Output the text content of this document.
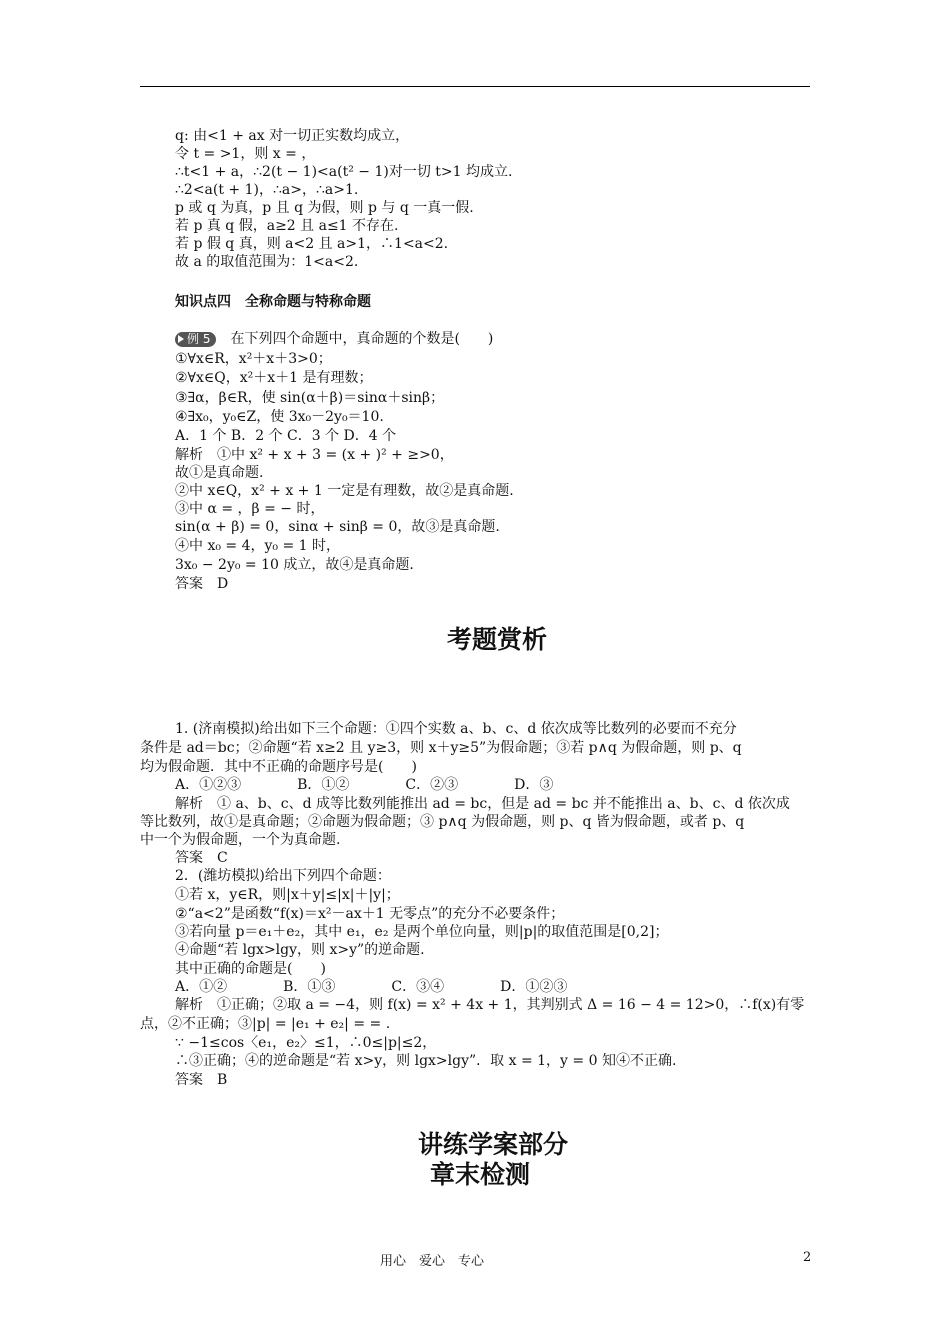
q: 由<1 + ax 对一切正实数均成立，
令 t = >1，则 x = ，
∴t<1 + a，∴2(t − 1)<a(t² − 1)对一切 t>1 均成立.
∴2<a(t + 1)，∴a>，∴a>1.
p 或 q 为真，p 且 q 为假，则 p 与 q 一真一假.
若 p 真 q 假，a≥2 且 a≤1 不存在.
若 p 假 q 真，则 a<2 且 a>1，∴1<a<2.
故 a 的取值范围为：1<a<2.
知识点四　全称命题与特称命题
例 5 在下列四个命题中，真命题的个数是(　　)
①∀x∈R，x²＋x＋3>0；
②∀x∈Q，x²＋x＋1 是有理数；
③∃α，β∈R，使 sin(α＋β)＝sinα＋sinβ；
④∃x₀，y₀∈Z，使 3x₀－2y₀＝10.
A．1 个 B．2 个 C．3 个 D．4 个
解析　①中 x² + x + 3 = (x + )² + ≥>0，
故①是真命题.
②中 x∈Q，x² + x + 1 一定是有理数，故②是真命题.
③中 α = ，β = − 时，
sin(α + β) = 0，sinα + sinβ = 0，故③是真命题.
④中 x₀ = 4，y₀ = 1 时，
3x₀ − 2y₀ = 10 成立，故④是真命题.
答案　D
考题赏析
1. (济南模拟)给出如下三个命题：①四个实数 a、b、c、d 依次成等比数列的必要而不充分
条件是 ad＝bc；②命题“若 x≥2 且 y≥3，则 x＋y≥5”为假命题；③若 p∧q 为假命题，则 p、q
均为假命题．其中不正确的命题序号是(　　)
A．①②③　　　　B．①②　　　　C．②③　　　　D．③
解析　① a、b、c、d 成等比数列能推出 ad = bc，但是 ad = bc 并不能推出 a、b、c、d 依次成
等比数列，故①是真命题；②命题为假命题；③ p∧q 为假命题，则 p、q 皆为假命题，或者 p、q
中一个为假命题，一个为真命题.
答案　C
2．(潍坊模拟)给出下列四个命题：
①若 x，y∈R，则|x＋y|≤|x|＋|y|；
②“a<2”是函数“f(x)＝x²－ax＋1 无零点”的充分不必要条件；
③若向量 p＝e₁＋e₂，其中 e₁，e₂ 是两个单位向量，则|p|的取值范围是[0,2]；
④命题“若 lgx>lgy，则 x>y”的逆命题.
其中正确的命题是(　　)
A．①②　　　　B．①③　　　　C．③④　　　　D．①②③
解析　①正确；②取 a = −4，则 f(x) = x² + 4x + 1，其判别式 Δ = 16 − 4 = 12>0，∴f(x)有零
点，②不正确；③|p| = |e₁ + e₂| = = .
∵ −1≤cos〈e₁，e₂〉≤1，∴0≤|p|≤2，
∴③正确；④的逆命题是“若 x>y，则 lgx>lgy”．取 x = 1，y = 0 知④不正确.
答案　B
讲练学案部分
章末检测
用心　爱心　专心	2
